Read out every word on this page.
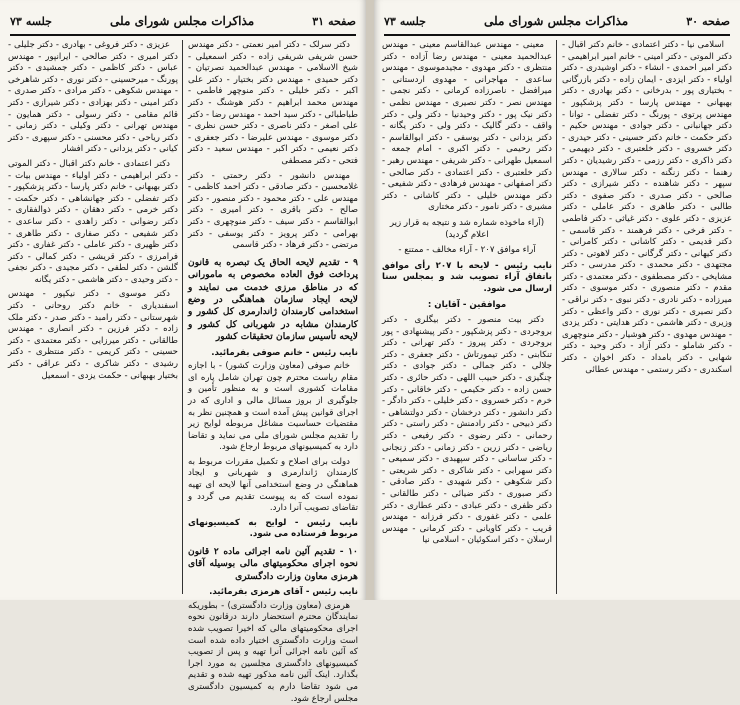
صفحه
۳۱
مذاکرات مجلس شورای ملی
جلسه
۷۳

دکتر سرلک - دکتر امیر نعمتی - دکتر مهندس حسن شریفی شریفی زاده - دکتر اسمعیلی - شیخ الاسلامی - مهندس عبدالحمید نصرتیان - دکتر حمیدی - مهندس دکتر بختیار - دکتر علی اکبر - دکتر خلیلی - دکتر منوچهر فاطمی - مهندس محمد ابراهیم - دکتر هوشنگ - دکتر طباطبائی - دکتر سید احمد - مهندس رضا - دکتر علی اصغر - دکتر ناصری - دکتر حسن نظری - دکتر موسوی - مهندس علیرضا - دکتر جعفری - دکتر نعیمی - دکتر اکبر - مهندس سعید - دکتر فتحی - دکتر مصطفی

مهندس دانشور - دکتر رحمتی - دکتر غلامحسین - دکتر صادقی - دکتر احمد کاظمی - مهندس علی - دکتر محمود - دکتر منصور - دکتر صالح - دکتر باقری - دکتر امیری - دکتر ابوالقاسم - دکتر سیف - دکتر منوچهری - دکتر بهرامی - دکتر پرویز - دکتر یوسفی - دکتر مرتضی - دکتر فرهاد - دکتر قاسمی

۹ - تقدیم لایحه الحاق یک تبصره به قانون پرداخت فوق العاده مخصوص به مامورانی که در مناطق مرزی خدمت می نمایند و لایحه ایجاد سازمان هماهنگی در وضع استخدامی کارمندان ژاندارمری کل کشور و کارمندان مشابه در شهربانی کل کشور و لایحه تأسیس سازمان تحقیقات کشور

نایب رئیس - خانم صوفی بفرمائید.

خانم صوفی (معاون وزارت کشور) - با اجازه مقام ریاست محترم چون تهران شامل پاره ای مقامات کشوری است و به منظور تأمین و جلوگیری از بروز مسائل مالی و اداری که در اجرای قوانین پیش آمده است و همچنین نظر به مقتضیات حساسیت مشاغل مربوطه لوایح زیر را تقدیم مجلس شورای ملی می نماید و تقاضا دارد به کمیسیونهای مربوط ارجاع شود.

دولت برای اصلاح و تکمیل مقررات مربوط به کارمندان ژاندارمری و شهربانی و ایجاد هماهنگی در وضع استخدامی آنها لایحه ای تهیه نموده است که به پیوست تقدیم می گردد و تقاضای تصویب آنرا دارد.

نایب رئیس - لوایح به کمیسیونهای مربوط فرستاده می شود.

۱۰ - تقدیم آئین نامه اجرائی ماده ۲ قانون نحوه اجرای محکومیتهای مالی بوسیله آقای هرمزی معاون وزارت دادگستری

نایب رئیس - آقای هرمزی بفرمائید.

هرمزی (معاون وزارت دادگستری) - بطوریکه نمایندگان محترم استحضار دارند درقانون نحوه اجرای محکومیتهای مالی که اخیرا تصویب شده است وزارت دادگستری اختیار داده شده است که آئین نامه اجرائی آنرا تهیه و پس از تصویب کمیسیونهای دادگستری مجلسین به مورد اجرا بگذارد. اینک آئین نامه مذکور تهیه شده و تقدیم می شود تقاضا دارم به کمیسیون دادگستری مجلس ارجاع شود.

عزیزی - دکتر فروغی - بهادری - دکتر جلیلی - دکتر امیری - دکتر صالحی - ایرانپور - مهندس عباس - دکتر کاظمی - دکتر جمشیدی - دکتر پورنگ - میرحسینی - دکتر نوری - دکتر شاهرخی - مهندس شکوهی - دکتر مرادی - دکتر صدری - دکتر امینی - دکتر بهزادی - دکتر شیرازی - دکتر قائم مقامی - دکتر رسولی - دکتر همایون - مهندس تهرانی - دکتر وکیلی - دکتر زمانی - دکتر ریاحی - دکتر محسنی - دکتر سپهری - دکتر کیانی - دکتر یزدانی - دکتر افشار

دکتر اعتمادی - خانم دکتر اقبال - دکتر الموتی - دکتر ابراهیمی - دکتر اولیاء - مهندس بیات - دکتر بهبهانی - خانم دکتر پارسا - دکتر پزشکپور - دکتر تفضلی - دکتر جهانشاهی - دکتر حکمت - دکتر خرمی - دکتر دهقان - دکتر ذوالفقاری - دکتر رضوانی - دکتر زاهدی - دکتر ساعدی - دکتر شفیعی - دکتر صفاری - دکتر طاهری - دکتر ظهیری - دکتر عاملی - دکتر غفاری - دکتر فرامرزی - دکتر قریشی - دکتر کمالی - دکتر گلشن - دکتر لطفی - دکتر مجیدی - دکتر نجفی - دکتر وحیدی - دکتر هاشمی - دکتر یگانه

دکتر موسوی - دکتر نیکپور - مهندس اسفندیاری - خانم دکتر روحانی - دکتر شهرستانی - دکتر رامبد - دکتر صدر - دکتر ملک زاده - دکتر فرزین - دکتر انصاری - مهندس طالقانی - دکتر میرزایی - دکتر معتمدی - دکتر حسینی - دکتر کریمی - دکتر منتظری - دکتر رشیدی - دکتر شاکری - دکتر عراقی - دکتر بختیار بهبهانی - حکمت یزدی - اسمعیل

صفحه
۳۰
مذاکرات مجلس شورای ملی
جلسه
۷۳

اسلامی نیا - دکتر اعتمادی - خانم دکتر اقبال - دکتر الموتی - دکتر امینی - خانم امیر ابراهیمی - دکتر امیر احمدی - انشاء - دکتر اوشیدری - دکتر اولیاء - دکتر ایزدی - ایمان زاده - دکتر بازرگانی - بختیاری پور - بدرخانی - دکتر بهادری - دکتر بهبهانی - مهندس پارسا - دکتر پزشکپور - مهندس پرتوی - پورنگ - دکتر تفضلی - توانا - دکتر جهانبانی - دکتر جوادی - مهندس حکیم - دکتر حکمت - خانم دکتر حسینی - دکتر حیدری - دکتر خسروی - دکتر خلعتبری - دکتر دیهیمی - دکتر ذاکری - دکتر رزمی - دکتر رشیدیان - دکتر رهنما - دکتر زنگنه - دکتر سالاری - مهندس سپهر - دکتر شاهنده - دکتر شیرازی - دکتر صالحی - دکتر صدری - دکتر صفوی - دکتر طالبی - دکتر طاهری - دکتر عاملی - دکتر عزیزی - دکتر علوی - دکتر غیاثی - دکتر فاطمی - دکتر فرخی - دکتر فرهمند - دکتر قاسمی - دکتر قدیمی - دکتر کاشانی - دکتر کامرانی - دکتر کیهانی - دکتر گرگانی - دکتر لاهوتی - دکتر مجتهدی - دکتر محمدی - دکتر مدرسی - دکتر مشایخی - دکتر مصطفوی - دکتر معتمدی - دکتر مقدم - دکتر منصوری - دکتر موسوی - دکتر میرزاده - دکتر نادری - دکتر نبوی - دکتر نراقی - دکتر نصیری - دکتر نوری - دکتر واعظی - دکتر وزیری - دکتر هاشمی - دکتر هدایتی - دکتر یزدی - مهندس مهدوی - دکتر هوشیار - دکتر منوچهری - دکتر شاملو - دکتر آزاد - دکتر وحید - دکتر شهابی - دکتر بامداد - دکتر اخوان - دکتر اسکندری - دکتر رستمی - مهندس عطائی

معینی - مهندس عبدالقاسم معینی - مهندس عبدالحمید معینی - مهندس رضا آزاده - دکتر منتظری - دکتر مهدوی - مجیدموسوی - مهندس ساعدی - مهاجرانی - مهدوی اردستانی - میرافضل - ناصرزاده کرمانی - دکتر نجمی - مهندس نصر - دکتر نصیری - مهندس نظمی - دکتر نیک پور - دکتر وحیدنیا - دکتر ولی - دکتر واقف - دکتر گالیک - دکتر ولی - دکتر یگانه - دکتر یزدانی - دکتر یوسفی - دکتر ابوالقاسم - دکتر رحیمی - دکتر اکبری - امام جمعه - اسمعیل طهرانی - دکتر شریفی - مهندس رهبر - دکتر خلعتبری - دکتر اعتمادی - دکتر صالحی - دکتر اصفهانی - مهندس فرهادی - دکتر شفیعی - دکتر مهندس خلیلی - دکتر کاشانی - دکتر مشیری - دکتر نامور - دکتر مختاری

(آراء ماخوذه شماره شد و نتیجه به قرار زیر اعلام گردید)

آراء موافق ۲۰۷ - آراء مخالف - ممتنع -

نایب رئیس - لایحه با ۲۰۷ رأی موافق باتفاق آراء تصویب شد و بمجلس سنا ارسال می شود.

موافقین - آقایان :

دکتر بیت منصور - دکتر بیگلری - دکتر بروجردی - دکتر پزشکپور - دکتر پیشنهادی - پور بروجردی - دکتر پیروز - دکتر تهرانی - دکتر تنکابنی - دکتر تیمورتاش - دکتر جعفری - دکتر جلالی - دکتر جمالی - دکتر جوادی - دکتر چنگیزی - دکتر حبیب اللهی - دکتر حائری - دکتر حسن زاده - دکتر حکیمی - دکتر خاقانی - دکتر خرم - دکتر خسروی - دکتر خلیلی - دکتر دادگر - دکتر دانشور - دکتر درخشان - دکتر دولتشاهی - دکتر ذبیحی - دکتر رادمنش - دکتر راستی - دکتر رحمانی - دکتر رضوی - دکتر رفیعی - دکتر ریاضی - دکتر زرین - دکتر زمانی - دکتر زنجانی - دکتر ساسانی - دکتر سپهبدی - دکتر سمیعی - دکتر سهرابی - دکتر شاکری - دکتر شریعتی - دکتر شکوهی - دکتر شهیدی - دکتر صادقی - دکتر صبوری - دکتر ضیائی - دکتر طالقانی - دکتر ظفری - دکتر عبادی - دکتر عطاری - دکتر علمی - دکتر غفوری - دکتر فرزانه - مهندس قریب - دکتر کاویانی - دکتر کرمانی - مهندس ارسلان - دکتر اسکوئیان - اسلامی نیا
